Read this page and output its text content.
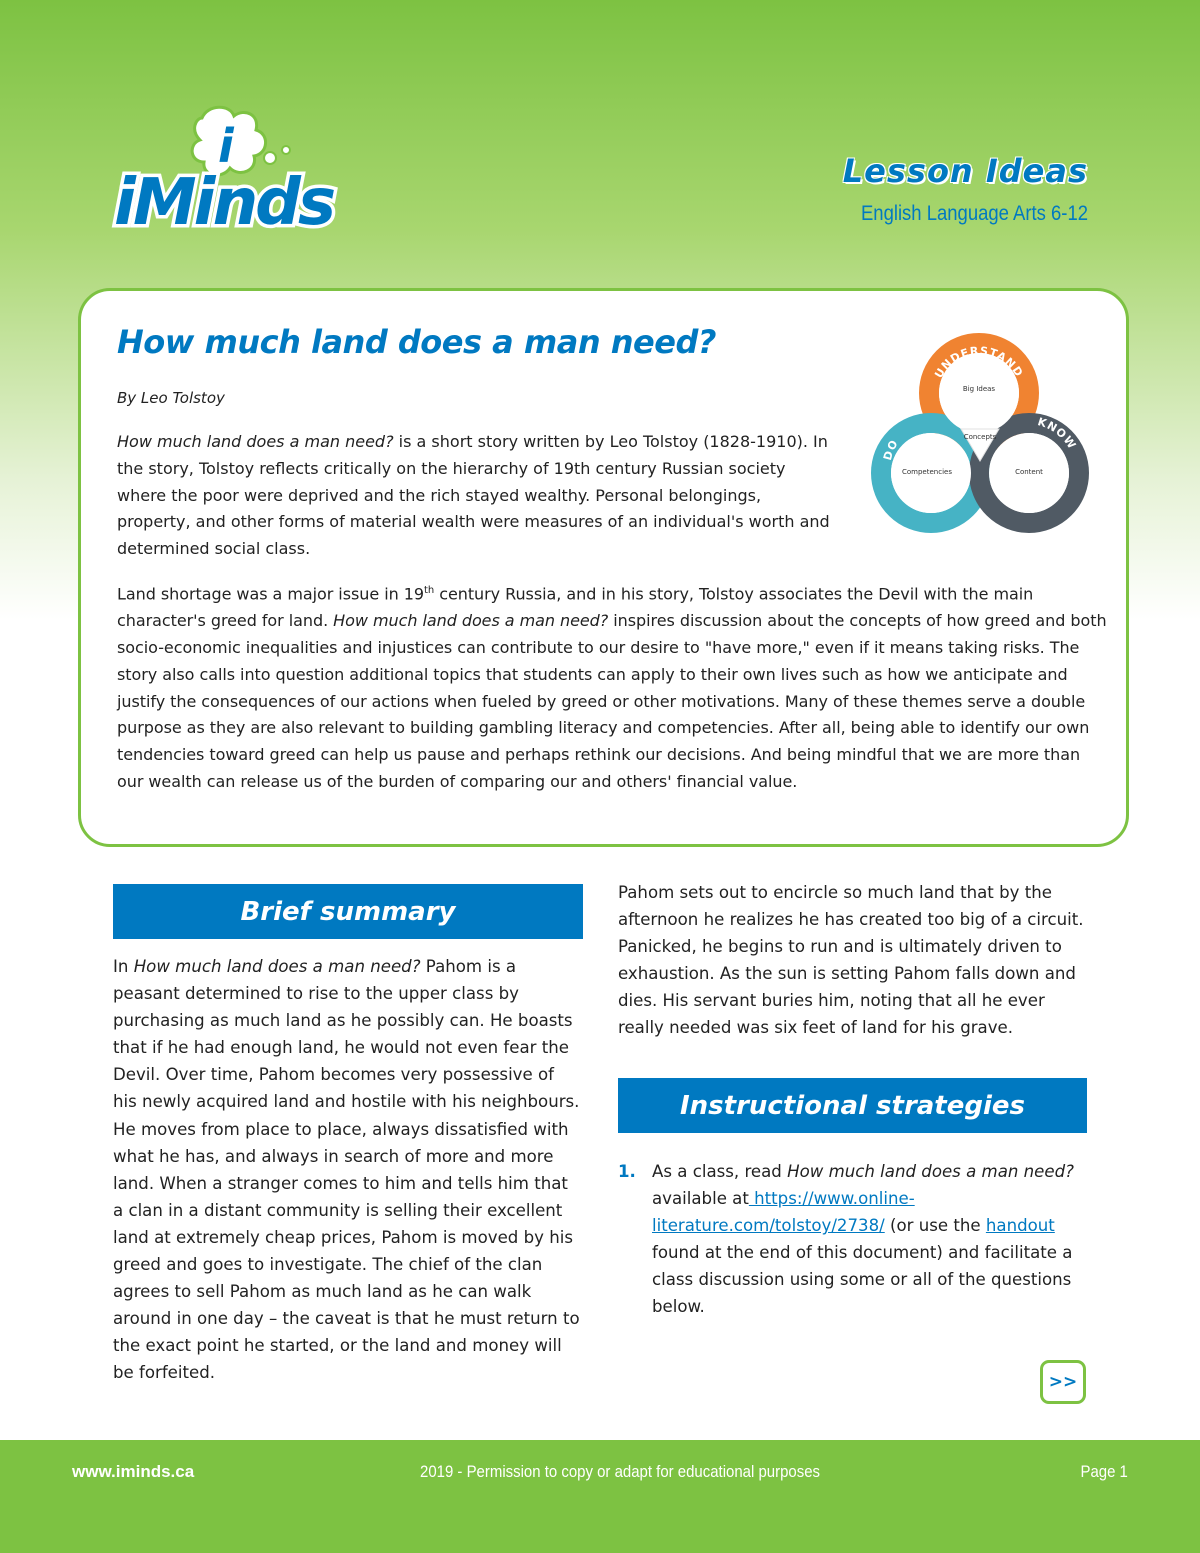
i
iMinds	Lesson Ideas
English Language Arts 6-12
How much land does a man need?
By Leo Tolstoy
How much land does a man need? is a short story written by Leo Tolstoy (1828-1910). In the story, Tolstoy reflects critically on the hierarchy of 19th century Russian society where the poor were deprived and the rich stayed wealthy. Personal belongings, property, and other forms of material wealth were measures of an individual's worth and determined social class.
Land shortage was a major issue in 19th century Russia, and in his story, Tolstoy associates the Devil with the main character's greed for land. How much land does a man need? inspires discussion about the concepts of how greed and both socio-economic inequalities and injustices can contribute to our desire to "have more," even if it means taking risks. The story also calls into question additional topics that students can apply to their own lives such as how we anticipate and justify the consequences of our actions when fueled by greed or other motivations. Many of these themes serve a double purpose as they are also relevant to building gambling literacy and competencies. After all, being able to identify our own tendencies toward greed can help us pause and perhaps rethink our decisions. And being mindful that we are more than our wealth can release us of the burden of comparing our and others' financial value.
UNDERSTAND
DO
KNOW
Big Ideas
Concepts
Competencies	Content
Brief summary
In How much land does a man need? Pahom is a peasant determined to rise to the upper class by purchasing as much land as he possibly can. He boasts that if he had enough land, he would not even fear the Devil. Over time, Pahom becomes very possessive of his newly acquired land and hostile with his neighbours. He moves from place to place, always dissatisfied with what he has, and always in search of more and more land. When a stranger comes to him and tells him that a clan in a distant community is selling their excellent land at extremely cheap prices, Pahom is moved by his greed and goes to investigate. The chief of the clan agrees to sell Pahom as much land as he can walk around in one day – the caveat is that he must return to the exact point he started, or the land and money will be forfeited.
Pahom sets out to encircle so much land that by the afternoon he realizes he has created too big of a circuit. Panicked, he begins to run and is ultimately driven to exhaustion. As the sun is setting Pahom falls down and dies. His servant buries him, noting that all he ever really needed was six feet of land for his grave.
Instructional strategies
1. As a class, read How much land does a man need? available at https://www.online-literature.com/tolstoy/2738/ (or use the handout found at the end of this document) and facilitate a class discussion using some or all of the questions below.
>>
www.iminds.ca	2019 - Permission to copy or adapt for educational purposes	Page 1
